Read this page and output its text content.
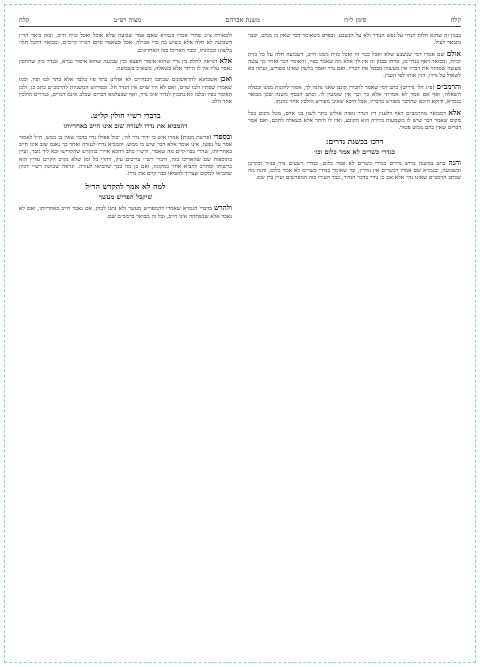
קלח	מצוה רפ״ט	משנת אברהם	סימן ל״ח	קלח

בכגון זה שהוא חלות הנדר על נפש הנודר ולא על הנשבע, ובפרט כשאומר דבר שאין בו ממש, וכבר נתבאר לעיל.

אולם שם אמרו דמי שנשבע שלא יאכל ככר זה ואכל כזית ממנו חייב, דשבועה חלה על כל כזית וכזית, ומבואר דאף בנדר כן, ומיהו בכגון זה אין לך אלא מה שאמר בפיו, והאומר דבר ואחר כך עשה מעשה שסותר את דבריו אין מעשהו מבטל את דבריו. ואם נדר ואמר בלשון שאינו מפורש, ועתה בא לשאול על נדרו, דנין אותו לפי הענין.

והרמב״ם (פ״ג הל׳ נדרים) כתב דמי שאמר לחבירו קונם שאני נהנה לך, אסור ליהנות ממנו ובטלה השאלה, ואף אם אמר לא אמרתי אלא כך וכך אין שומעין לו. וכתב הכסף משנה שכן מבואר בגמרא, ודוקא היכא שהדבר מפורש בדבריו, אבל היכא שאינו מפורש הולכין אחר כוונתו.

אלא דמבואר מהרמב״ם דאף דלענין דין הנדר גופיה אזלינן בתר לשון בני אדם, מכל מקום בכל מקום שאמר דבר שיש לו משמעות ברורה הוא הקובע, ואין לו היתר אלא בשאלה לחכם, ואם אמר דברים שאין בהם ממש פטור.

דרכו בכשגת נדרים:
כנדרי כשרים לא אמר כלום וכו׳

והנה כתב במשנה בריש נדרים כנדרי כשרים לא אמר כלום, כנדרי רשעים נדר בנזיר ובקרבן ובשבועה, ובגמרא שם אמרו דכשרים אין נודרין, ומי שאומר כנדרי כשרים לא אמר כלום, והנה מה שכתב הרמב״ם שאינו נדר אלא אם כן נודר בדבר הנדור, כבר העירו בזה המפרשים ועיין ברן שם.

ולכאורה צ״ב שהרי אמרו בגמרא שאם אמר שבועה שלא אוכל ואכל כזית חייב, ובזה ביאר הר״ן דשבועה לא חלה אלא כשיש בה כדי אכילה, אבל כשאמר סתם דבריו קיימים, ומבואר דהכל תלוי בלשונו ובכוונתו, וכבר האריכו בזה האחרונים.

אלא דנראה לחלק בין נדר שהוא איסור חפצא ובין שבועה שהוא איסור גברא, ובנדר כיון שהחפץ נאסר עליו אין לו היתר אלא בשאלה, משא״כ בשבועה.

ואכן אשכחנא להראשונים שכתבו דבנדרים לא אזלינן בתר פיו בלבד אלא בתר לבו ופיו, וכמו שאמרו שפתיו ולבו שוים, ואם לא היו שוים אין הנדר חל. ובפירוש המשניות להרמב״ם כתב כן, ולכן האומר בפיו ובלבו לא נתכוין לנדור אינו נדר, ואף שבעלמא דברים שבלב אינם דברים, בנדרים הולכין אחר הלב.

בדברי רש״י חולין קל״ט.
דהמביא את נדרו לעזרה שוב אינו חייב באחריותו

ובספרי (פרשת מטות) אמרו איש כי ידור נדר לה׳, יכול אפילו נדר בדבר שאין בו ממש, ת״ל לאסור אסר על נפשו, אינו אוסר אלא דבר שיש בו ממש. והמביא נדרו לעזרה ואחר כך נאנס שוב אינו חייב באחריותו, שהרי כבר קיים מה שאמר, ורש״י כתב דהכא איירי בהקדש שהקדישו ובא ליד גזבר, ועיין בתוספות שם שהאריכו בזה, ודברי רש״י צריכים עיון, דהרי כל זמן שלא נקרב הקרבן עדיין הוא ברשותו ומחויב להביא אחר במקומו, ואם כן מה בכך שהביאו לעזרה. ונראה שכוונת רש״י דכיון שהביאו למקום שצריך להביאו כבר קיים את נדרו.

למה לא אמר להקדש הר״ל
שיקבל הפריש מעשר

ולהרש בדברי הגמרא שאמרו דהמפריש מעשר ולא נתנו לכהן, אם נאבד חייב באחריותו, ואם לא נאבד אלא שנשתהה אינו חייב, וכל זה מבואר ברמב״ם שם.
